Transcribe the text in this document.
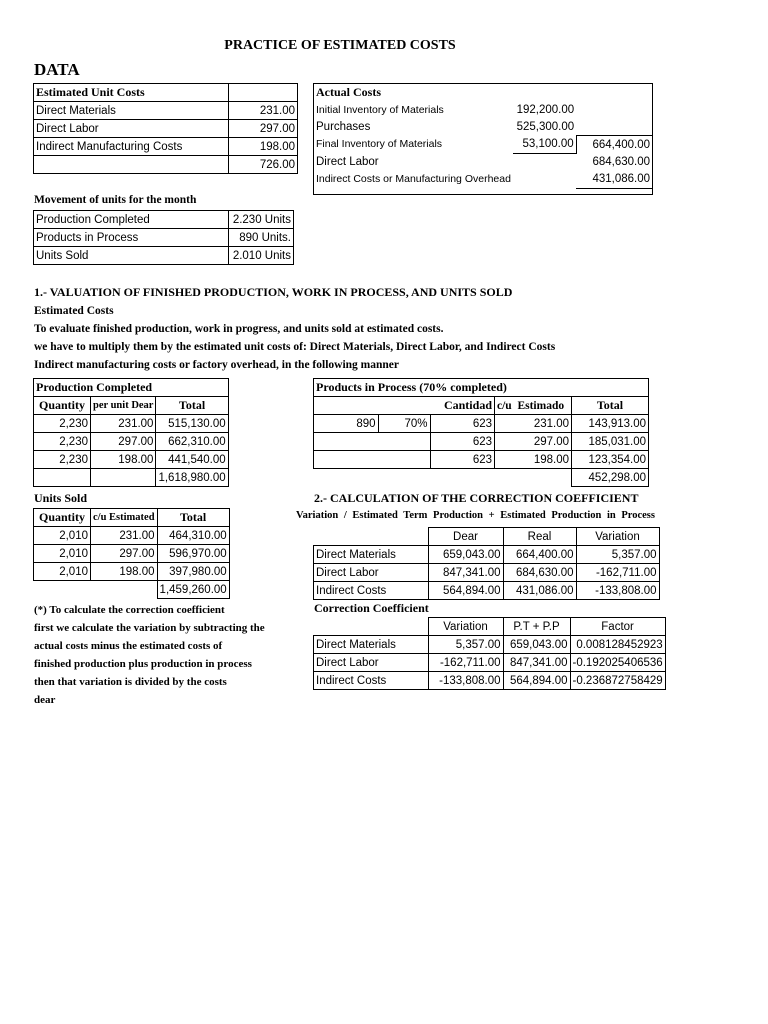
PRACTICE OF ESTIMATED COSTS
DATA
Estimated Unit Costs	
Direct Materials	231.00
Direct Labor	297.00
Indirect Manufacturing Costs	198.00
	726.00
Actual Costs		
Initial Inventory of Materials	192,200.00	
Purchases	525,300.00	
Final Inventory of Materials	53,100.00	664,400.00
Direct Labor		684,630.00
Indirect Costs or Manufacturing Overhead		431,086.00
Movement of units for the month
Production Completed	2.230 Units
Products in Process	890 Units.
Units Sold	2.010 Units
1.- VALUATION OF FINISHED PRODUCTION, WORK IN PROCESS, AND UNITS SOLD
Estimated Costs
To evaluate finished production, work in progress, and units sold at estimated costs.
we have to multiply them by the estimated unit costs of: Direct Materials, Direct Labor, and Indirect Costs
Indirect manufacturing costs or factory overhead, in the following manner
Production Completed		
Quantity	per unit Dear	Total
2,230	231.00	515,130.00
2,230	297.00	662,310.00
2,230	198.00	441,540.00
		1,618,980.00
Products in Process (70% completed)				
		Cantidad	c/u Estimado	Total
890	70%	623	231.00	143,913.00
		623	297.00	185,031.00
		623	198.00	123,354.00
				452,298.00
Units Sold
Quantity	c/u Estimated	Total
2,010	231.00	464,310.00
2,010	297.00	596,970.00
2,010	198.00	397,980.00
		1,459,260.00
(*) To calculate the correction coefficient
first we calculate the variation by subtracting the
actual costs minus the estimated costs of
finished production plus production in process
then that variation is divided by the costs
dear
2.- CALCULATION OF THE CORRECTION COEFFICIENT
Variation / Estimated Term Production + Estimated Production in Process
	Dear	Real	Variation
Direct Materials	659,043.00	664,400.00	5,357.00
Direct Labor	847,341.00	684,630.00	-162,711.00
Indirect Costs	564,894.00	431,086.00	-133,808.00
Correction Coefficient
	Variation	P.T + P.P	Factor
Direct Materials	5,357.00	659,043.00	0.008128452923
Direct Labor	-162,711.00	847,341.00	-0.192025406536
Indirect Costs	-133,808.00	564,894.00	-0.236872758429
